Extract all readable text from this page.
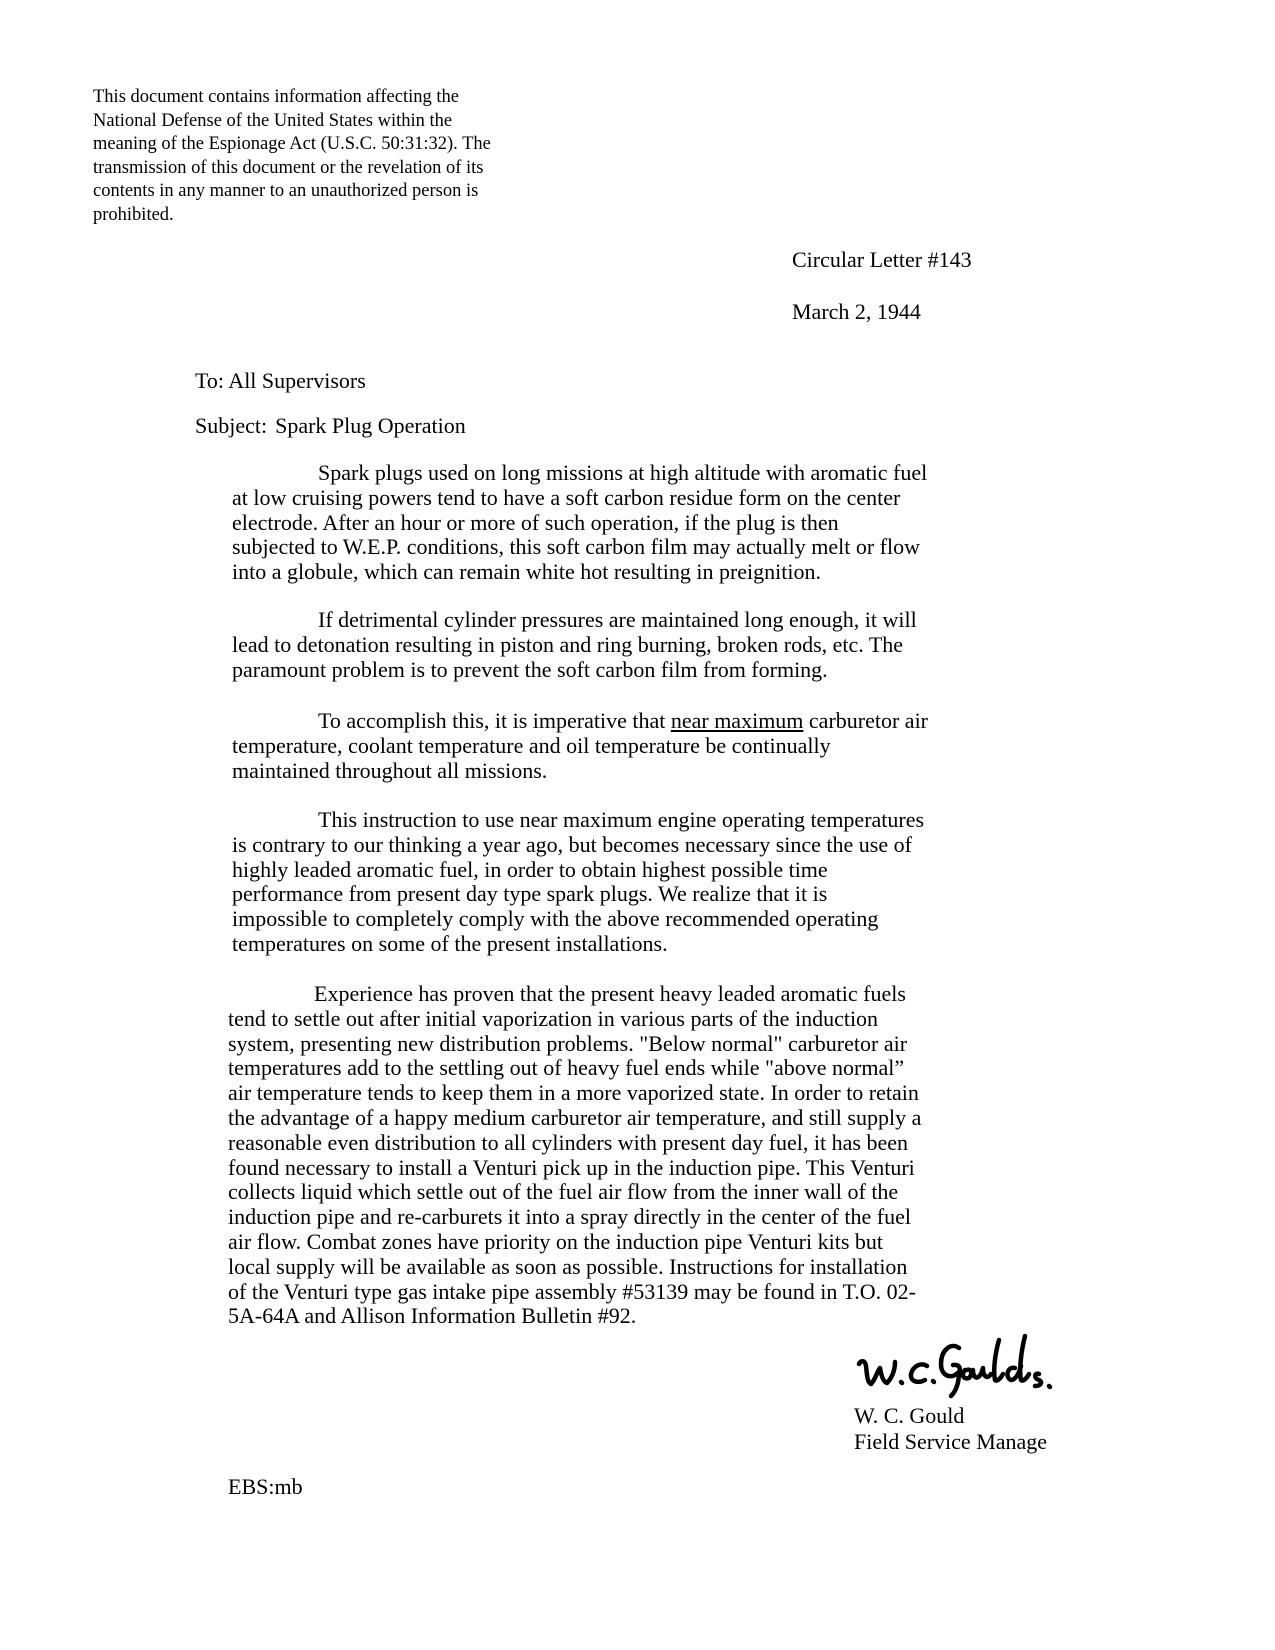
This document contains information affecting the
National Defense of the United States within the
meaning of the Espionage Act (U.S.C. 50:31:32). The
transmission of this document or the revelation of its
contents in any manner to an unauthorized person is
prohibited.
Circular Letter #143
March 2, 1944
To: All Supervisors
Subject: Spark Plug Operation
Spark plugs used on long missions at high altitude with aromatic fuel
at low cruising powers tend to have a soft carbon residue form on the center
electrode. After an hour or more of such operation, if the plug is then
subjected to W.E.P. conditions, this soft carbon film may actually melt or flow
into a globule, which can remain white hot resulting in preignition.
If detrimental cylinder pressures are maintained long enough, it will
lead to detonation resulting in piston and ring burning, broken rods, etc. The
paramount problem is to prevent the soft carbon film from forming.
To accomplish this, it is imperative that near maximum carburetor air
temperature, coolant temperature and oil temperature be continually
maintained throughout all missions.
This instruction to use near maximum engine operating temperatures
is contrary to our thinking a year ago, but becomes necessary since the use of
highly leaded aromatic fuel, in order to obtain highest possible time
performance from present day type spark plugs. We realize that it is
impossible to completely comply with the above recommended operating
temperatures on some of the present installations.
Experience has proven that the present heavy leaded aromatic fuels
tend to settle out after initial vaporization in various parts of the induction
system, presenting new distribution problems. "Below normal" carburetor air
temperatures add to the settling out of heavy fuel ends while "above normal”
air temperature tends to keep them in a more vaporized state. In order to retain
the advantage of a happy medium carburetor air temperature, and still supply a
reasonable even distribution to all cylinders with present day fuel, it has been
found necessary to install a Venturi pick up in the induction pipe. This Venturi
collects liquid which settle out of the fuel air flow from the inner wall of the
induction pipe and re-carburets it into a spray directly in the center of the fuel
air flow. Combat zones have priority on the induction pipe Venturi kits but
local supply will be available as soon as possible. Instructions for installation
of the Venturi type gas intake pipe assembly #53139 may be found in T.O. 02-
5A-64A and Allison Information Bulletin #92.
W. C. Gould
Field Service Manage
EBS:mb
